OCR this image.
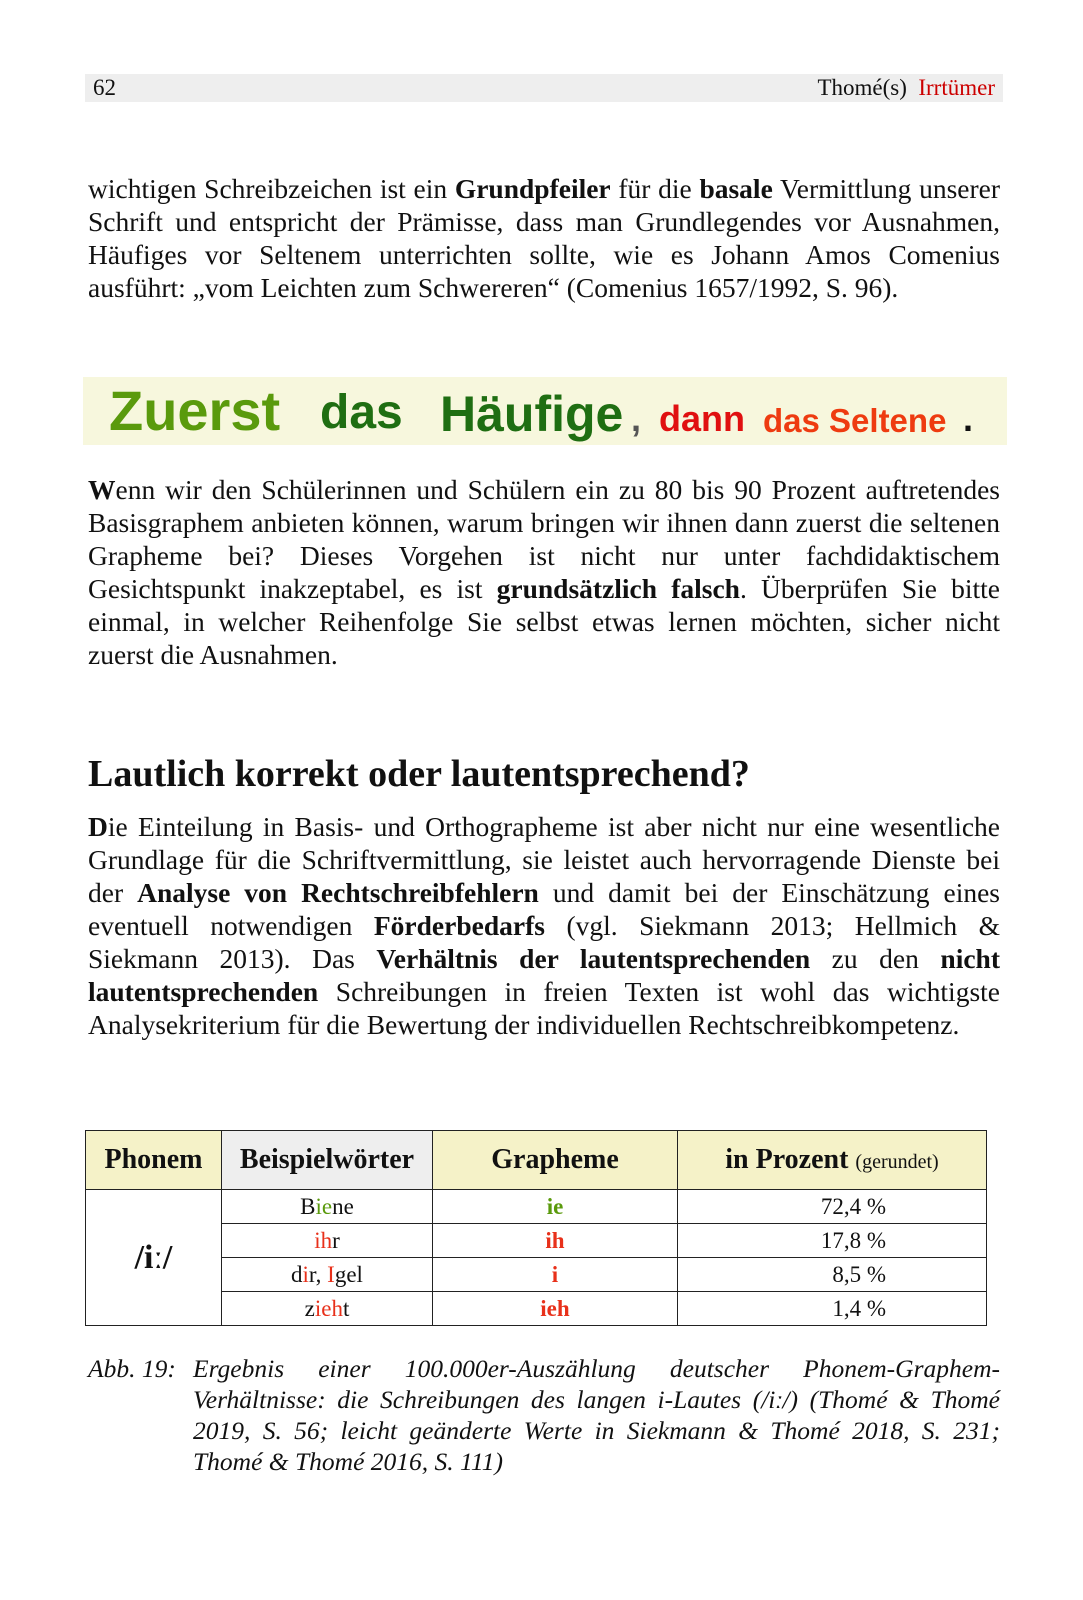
62	Thomé(s) Irrtümer

wichtigen Schreibzeichen ist ein Grundpfeiler für die basale Vermittlung unserer Schrift und entspricht der Prämisse, dass man Grundlegendes vor Ausnahmen, Häufiges vor Seltenem unterrichten sollte, wie es Johann Amos Comenius ausführt: „vom Leichten zum Schwereren“ (Comenius 1657/1992, S. 96).

Zuerst das Häufige , dann das Seltene .

Wenn wir den Schülerinnen und Schülern ein zu 80 bis 90 Prozent auftretendes Basisgraphem anbieten können, warum bringen wir ihnen dann zuerst die seltenen Grapheme bei? Dieses Vorgehen ist nicht nur unter fachdidaktischem Gesichtspunkt inakzeptabel, es ist grundsätzlich falsch. Überprüfen Sie bitte einmal, in welcher Reihenfolge Sie selbst etwas lernen möchten, sicher nicht zuerst die Ausnahmen.

Lautlich korrekt oder lautentsprechend?

Die Einteilung in Basis- und Orthographeme ist aber nicht nur eine wesentliche Grundlage für die Schriftvermittlung, sie leistet auch hervorragende Dienste bei der Analyse von Rechtschreibfehlern und damit bei der Einschätzung eines eventuell notwendigen Förderbedarfs (vgl. Siekmann 2013; Hellmich & Siekmann 2013). Das Verhältnis der lautentsprechenden zu den nicht lautentsprechenden Schreibungen in freien Texten ist wohl das wichtigste Analysekriterium für die Bewertung der individuellen Rechtschreibkompetenz.

Phonem	Beispielwörter	Grapheme	in Prozent (gerundet)
/iː/	Biene	ie	72,4 %
	ihr	ih	17,8 %
	dir, Igel	i	8,5 %
	zieht	ieh	1,4 %
Abb. 19: Ergebnis einer 100.000er-Auszählung deutscher Phonem-Graphem-Verhältnisse: die Schreibungen des langen i-Lautes (/iː/) (Thomé & Thomé 2019, S. 56; leicht geänderte Werte in Siekmann & Thomé 2018, S. 231; Thomé & Thomé 2016, S. 111)
